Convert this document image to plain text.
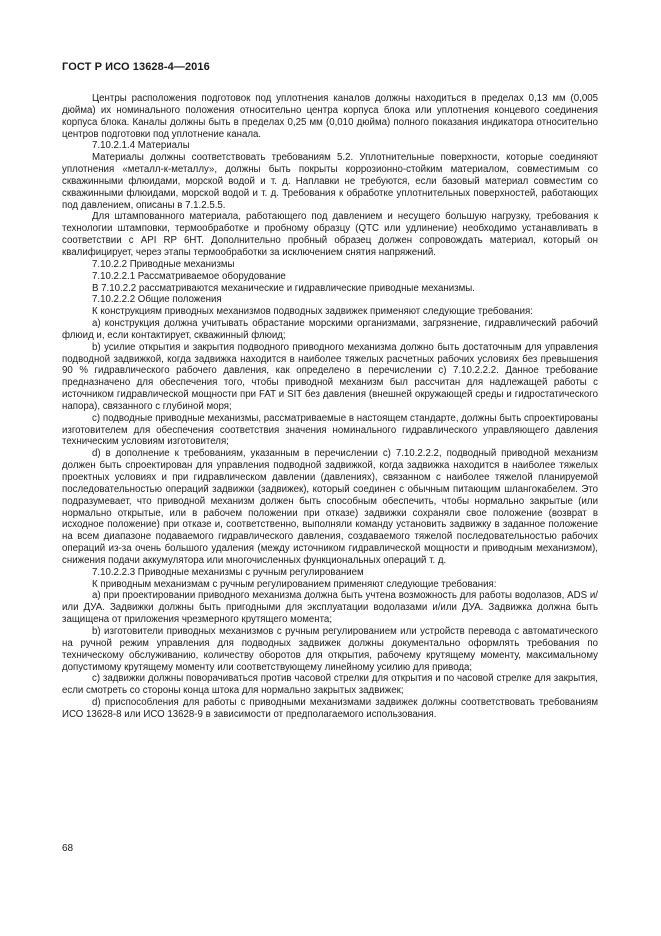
ГОСТ Р ИСО 13628-4—2016

Центры расположения подготовок под уплотнения каналов должны находиться в пределах 0,13 мм (0,005 дюйма) их номинального положения относительно центра корпуса блока или уплотнения концевого соединения корпуса блока. Каналы должны быть в пределах 0,25 мм (0,010 дюйма) полного показания индикатора относительно центров подготовки под уплотнение канала.

7.10.2.1.4 Материалы

Материалы должны соответствовать требованиям 5.2. Уплотнительные поверхности, которые соединяют уплотнения «металл-к-металлу», должны быть покрыты коррозионно-стойким материалом, совместимым со скважинными флюидами, морской водой и т. д. Наплавки не требуются, если базовый материал совместим со скважинными флюидами, морской водой и т. д. Требования к обработке уплотнительных поверхностей, работающих под давлением, описаны в 7.1.2.5.5.

Для штампованного материала, работающего под давлением и несущего большую нагрузку, требования к технологии штамповки, термообработке и пробному образцу (QTC или удлинение) необходимо устанавливать в соответствии с API RP 6HT. Дополнительно пробный образец должен сопровождать материал, который он квалифицирует, через этапы термообработки за исключением снятия напряжений.

7.10.2.2 Приводные механизмы

7.10.2.2.1 Рассматриваемое оборудование

В 7.10.2.2 рассматриваются механические и гидравлические приводные механизмы.

7.10.2.2.2 Общие положения

К конструкциям приводных механизмов подводных задвижек применяют следующие требования:

а) конструкция должна учитывать обрастание морскими организмами, загрязнение, гидравлический рабочий флюид и, если контактирует, скважинный флюид;

b) усилие открытия и закрытия подводного приводного механизма должно быть достаточным для управления подводной задвижкой, когда задвижка находится в наиболее тяжелых расчетных рабочих условиях без превышения 90 % гидравлического рабочего давления, как определено в перечислении с) 7.10.2.2.2. Данное требование предназначено для обеспечения того, чтобы приводной механизм был рассчитан для надлежащей работы с источником гидравлической мощности при FAT и SIT без давления (внешней окружающей среды и гидростатического напора), связанного с глубиной моря;

с) подводные приводные механизмы, рассматриваемые в настоящем стандарте, должны быть спроектированы изготовителем для обеспечения соответствия значения номинального гидравлического управляющего давления техническим условиям изготовителя;

d) в дополнение к требованиям, указанным в перечислении с) 7.10.2.2.2, подводный приводной механизм должен быть спроектирован для управления подводной задвижкой, когда задвижка находится в наиболее тяжелых проектных условиях и при гидравлическом давлении (давлениях), связанном с наиболее тяжелой планируемой последовательностью операций задвижки (задвижек), который соединен с обычным питающим шлангокабелем. Это подразумевает, что приводной механизм должен быть способным обеспечить, чтобы нормально закрытые (или нормально открытые, или в рабочем положении при отказе) задвижки сохраняли свое положение (возврат в исходное положение) при отказе и, соответственно, выполняли команду установить задвижку в заданное положение на всем диапазоне подаваемого гидравлического давления, создаваемого тяжелой последовательностью рабочих операций из-за очень большого удаления (между источником гидравлической мощности и приводным механизмом), снижения подачи аккумулятора или многочисленных функциональных операций т. д.

7.10.2.2.3 Приводные механизмы с ручным регулированием

К приводным механизмам с ручным регулированием применяют следующие требования:

а) при проектировании приводного механизма должна быть учтена возможность для работы водолазов, ADS и/или ДУА. Задвижки должны быть пригодными для эксплуатации водолазами и/или ДУА. Задвижка должна быть защищена от приложения чрезмерного крутящего момента;

b) изготовители приводных механизмов с ручным регулированием или устройств перевода с автоматического на ручной режим управления для подводных задвижек должны документально оформлять требования по техническому обслуживанию, количеству оборотов для открытия, рабочему крутящему моменту, максимальному допустимому крутящему моменту или соответствующему линейному усилию для привода;

с) задвижки должны поворачиваться против часовой стрелки для открытия и по часовой стрелке для закрытия, если смотреть со стороны конца штока для нормально закрытых задвижек;

d) приспособления для работы с приводными механизмами задвижек должны соответствовать требованиям ИСО 13628-8 или ИСО 13628-9 в зависимости от предполагаемого использования.

68
